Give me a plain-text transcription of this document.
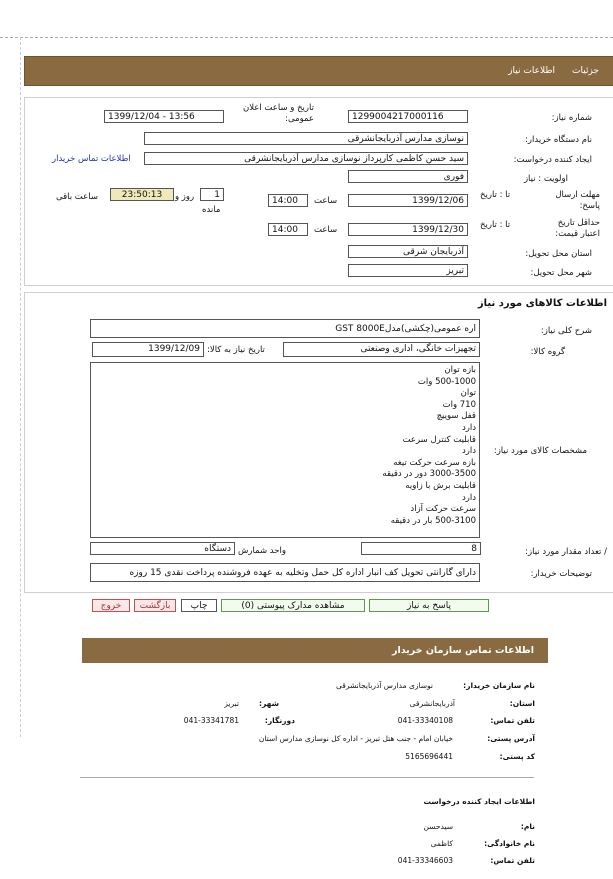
جزئیات
اطلاعات نیاز
شماره نیاز:
1299004217000116
تاریخ و ساعت اعلان عمومی:
1399/12/04 - 13:56
نام دستگاه خریدار:
نوسازی مدارس آذربایجانشرقی
ایجاد کننده درخواست:
سید حسن کاظمی کارپرداز نوسازی مدارس آذربایجانشرقی
اطلاعات تماس خریدار
اولویت : نیاز
فوری
مهلت ارسال پاسخ:
تا : تاریخ
1399/12/06
ساعت
14:00
1
روز و
مانده
23:50:13
ساعت باقی
حداقل تاریخ اعتبار قیمت:
تا : تاریخ
1399/12/30
ساعت
14:00
استان محل تحویل:
آذربایجان شرقی
شهر محل تحویل:
تبریز
اطلاعات کالاهای مورد نیاز
شرح کلی نیاز:
اره عمومی(چکشی)مدلGST 8000E
گروه کالا:
تجهیزات خانگی، اداری وصنعتی
تاریخ نیاز به کالا:
1399/12/09
مشخصات کالای مورد نیاز:
بازه توان
500-1000 وات
توان
710 وات
قفل سوییچ
دارد
قابلیت کنترل سرعت
دارد
بازه سرعت حرکت تیغه
3000-3500 دور در دقیقه
قابلیت برش با زاویه
دارد
سرعت حرکت آزاد
500-3100 بار در دقیقه
/ تعداد مقدار مورد نیاز:
8
واحد شمارش
دستگاه
توضیحات خریدار:
دارای گارانتی تحویل کف انبار اداره کل حمل وتخلیه به عهده فروشنده پرداخت نقدی 15 روزه
پاسخ به نیاز
مشاهده مدارک پیوستی (0)
چاپ
بازگشت
خروج
اطلاعات تماس سازمان خریدار
نام سازمان خریدار:
نوسازی مدارس آذربایجانشرقی
استان:
آذربایجانشرقی
شهر:
تبریز
تلفن تماس:
041-33340108
دورنگار:
041-33341781
آدرس پستی:
خیابان امام - جنب هتل تبریز - اداره کل نوسازی مدارس استان
کد پستی:
5165696441
اطلاعات ایجاد کننده درخواست
نام:
سیدحسن
نام خانوادگی:
کاظمی
تلفن تماس:
041-33346603
